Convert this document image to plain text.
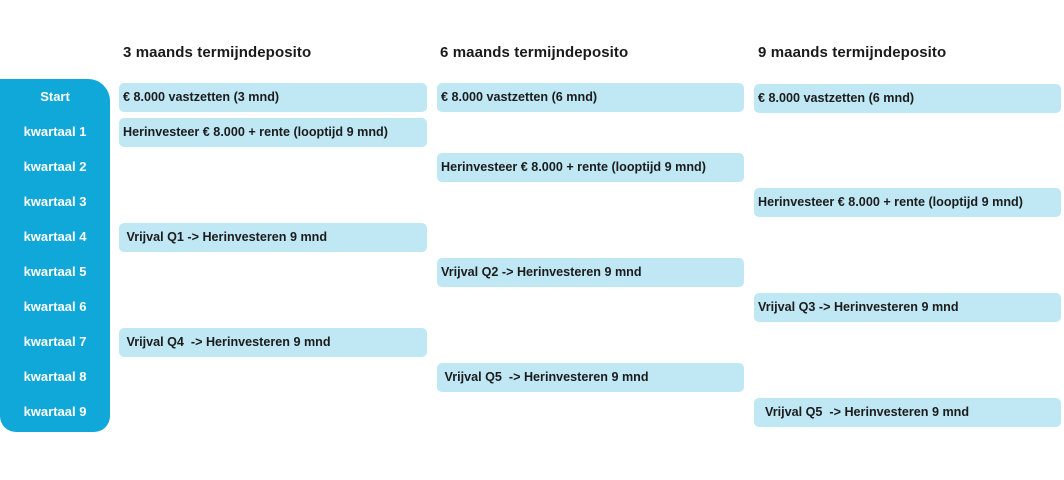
3 maands termijndeposito	6 maands termijndeposito	9 maands termijndeposito
Start
kwartaal 1
kwartaal 2
kwartaal 3
kwartaal 4
kwartaal 5
kwartaal 6
kwartaal 7
kwartaal 8
kwartaal 9
€ 8.000 vastzetten (3 mnd)
Herinvesteer € 8.000 + rente (looptijd 9 mnd)
Vrijval Q1 -> Herinvesteren 9 mnd
Vrijval Q4  -> Herinvesteren 9 mnd
€ 8.000 vastzetten (6 mnd)
Herinvesteer € 8.000 + rente (looptijd 9 mnd)
Vrijval Q2 -> Herinvesteren 9 mnd
Vrijval Q5  -> Herinvesteren 9 mnd
€ 8.000 vastzetten (6 mnd)
Herinvesteer € 8.000 + rente (looptijd 9 mnd)
Vrijval Q3 -> Herinvesteren 9 mnd
Vrijval Q5  -> Herinvesteren 9 mnd
